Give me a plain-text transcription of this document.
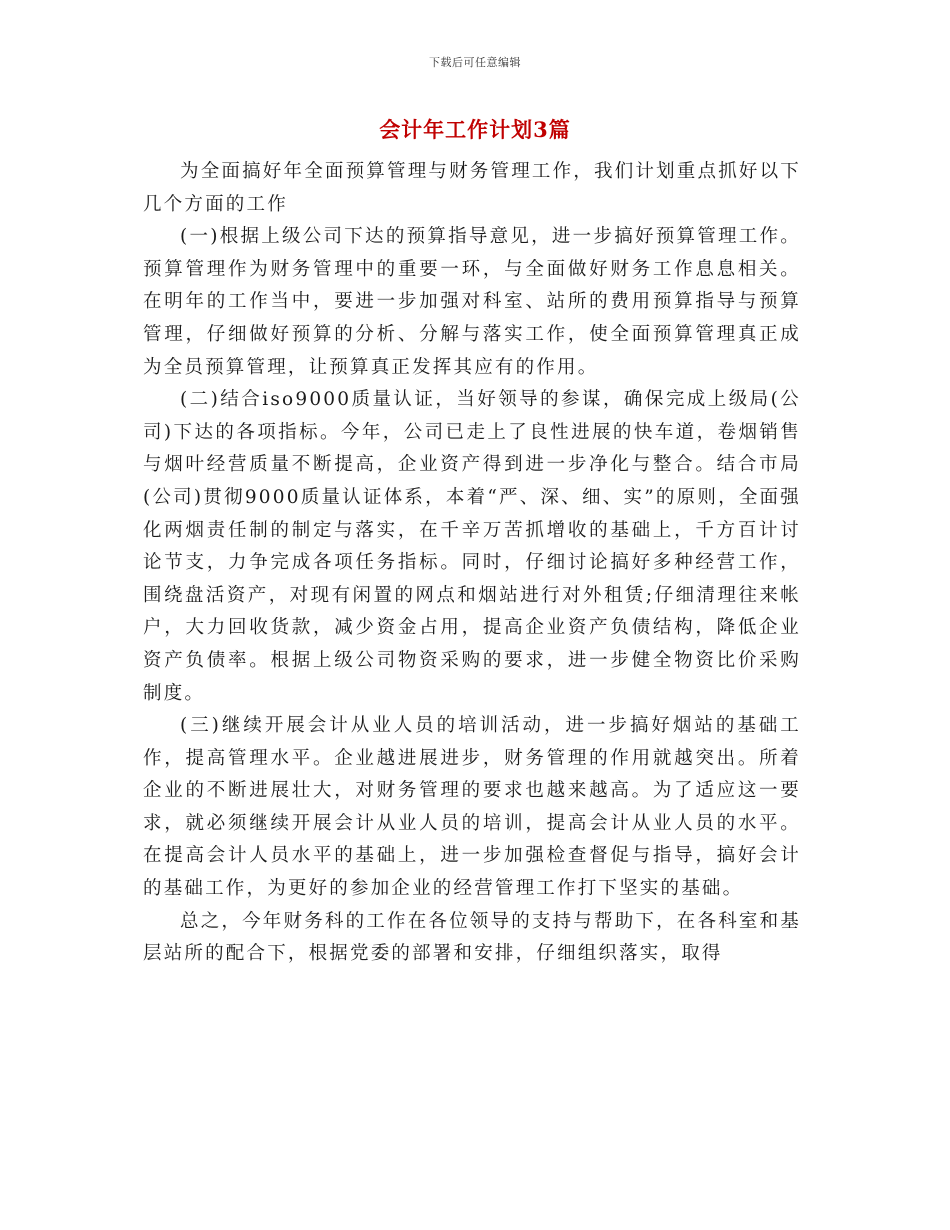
下载后可任意编辑
会计年工作计划3篇

为全面搞好年全面预算管理与财务管理工作，我们计划重点抓好以下几个方面的工作

(一)根据上级公司下达的预算指导意见，进一步搞好预算管理工作。预算管理作为财务管理中的重要一环，与全面做好财务工作息息相关。在明年的工作当中，要进一步加强对科室、站所的费用预算指导与预算管理，仔细做好预算的分析、分解与落实工作，使全面预算管理真正成为全员预算管理，让预算真正发挥其应有的作用。

(二)结合iso9000质量认证，当好领导的参谋，确保完成上级局(公司)下达的各项指标。今年，公司已走上了良性进展的快车道，卷烟销售与烟叶经营质量不断提高，企业资产得到进一步净化与整合。结合市局(公司)贯彻9000质量认证体系，本着“严、深、细、实”的原则，全面强化两烟责任制的制定与落实，在千辛万苦抓增收的基础上，千方百计讨论节支，力争完成各项任务指标。同时，仔细讨论搞好多种经营工作，围绕盘活资产，对现有闲置的网点和烟站进行对外租赁;仔细清理往来帐户，大力回收货款，减少资金占用，提高企业资产负债结构，降低企业资产负债率。根据上级公司物资采购的要求，进一步健全物资比价采购制度。

(三)继续开展会计从业人员的培训活动，进一步搞好烟站的基础工作，提高管理水平。企业越进展进步，财务管理的作用就越突出。所着企业的不断进展壮大，对财务管理的要求也越来越高。为了适应这一要求，就必须继续开展会计从业人员的培训，提高会计从业人员的水平。在提高会计人员水平的基础上，进一步加强检查督促与指导，搞好会计的基础工作，为更好的参加企业的经营管理工作打下坚实的基础。

总之，今年财务科的工作在各位领导的支持与帮助下，在各科室和基层站所的配合下，根据党委的部署和安排，仔细组织落实，取得
